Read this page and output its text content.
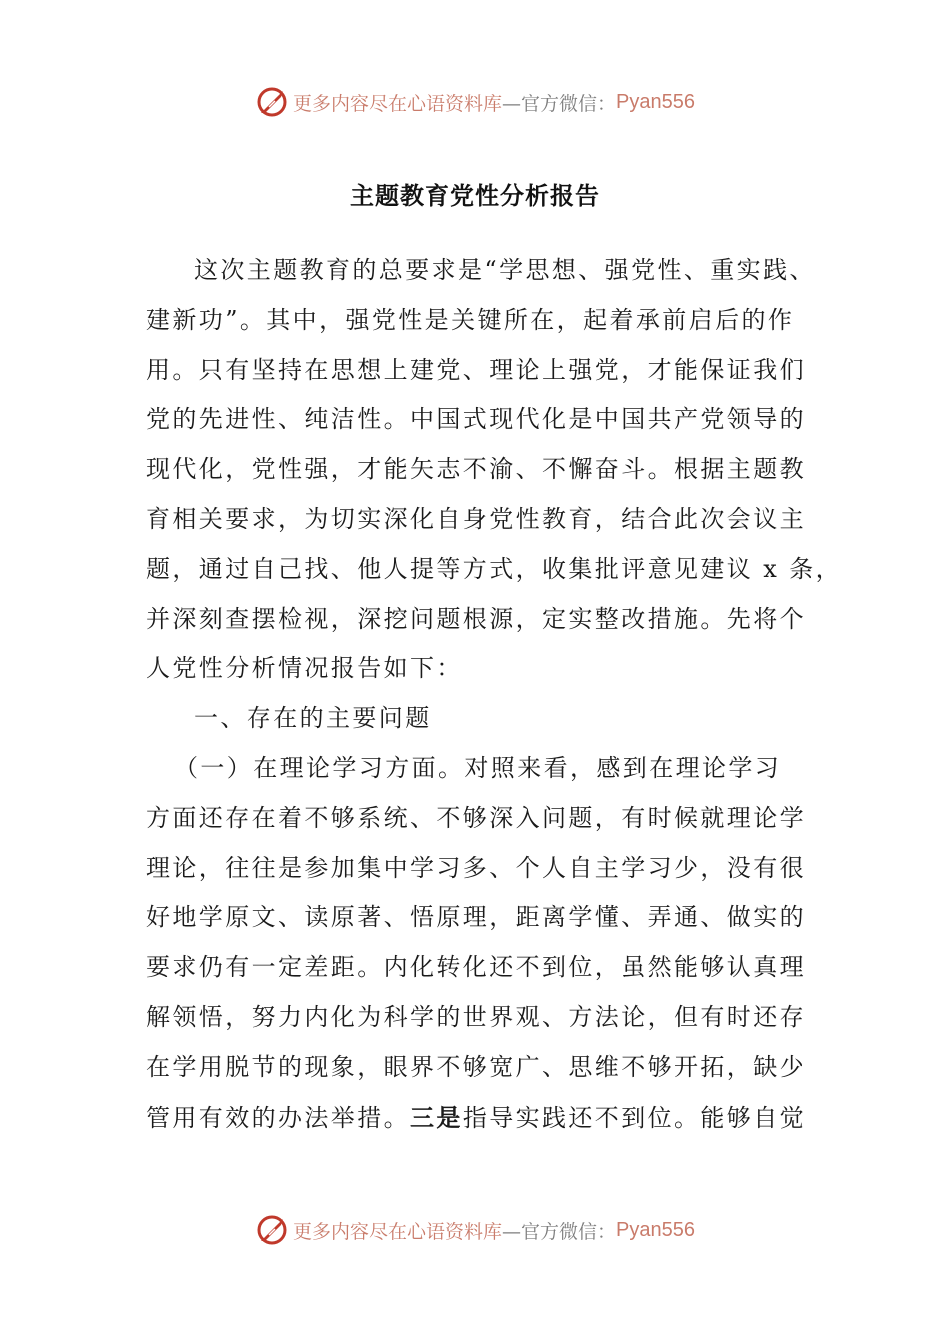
更多内容尽在心语资料库 —官方微信： Pyan556
主题教育党性分析报告
这次主题教育的总要求是“学思想、强党性、重实践、
建新功”。其中，强党性是关键所在，起着承前启后的作
用。只有坚持在思想上建党、理论上强党，才能保证我们
党的先进性、纯洁性。中国式现代化是中国共产党领导的
现代化，党性强，才能矢志不渝、不懈奋斗。根据主题教
育相关要求，为切实深化自身党性教育，结合此次会议主
题，通过自己找、他人提等方式，收集批评意见建议 x 条，
并深刻查摆检视，深挖问题根源，定实整改措施。先将个
人党性分析情况报告如下：
一、存在的主要问题
（一）在理论学习方面。对照来看，感到在理论学习
方面还存在着不够系统、不够深入问题，有时候就理论学
理论，往往是参加集中学习多、个人自主学习少，没有很
好地学原文、读原著、悟原理，距离学懂、弄通、做实的
要求仍有一定差距。内化转化还不到位，虽然能够认真理
解领悟，努力内化为科学的世界观、方法论，但有时还存
在学用脱节的现象，眼界不够宽广、思维不够开拓，缺少
管用有效的办法举措。三是指导实践还不到位。能够自觉
更多内容尽在心语资料库 —官方微信： Pyan556
